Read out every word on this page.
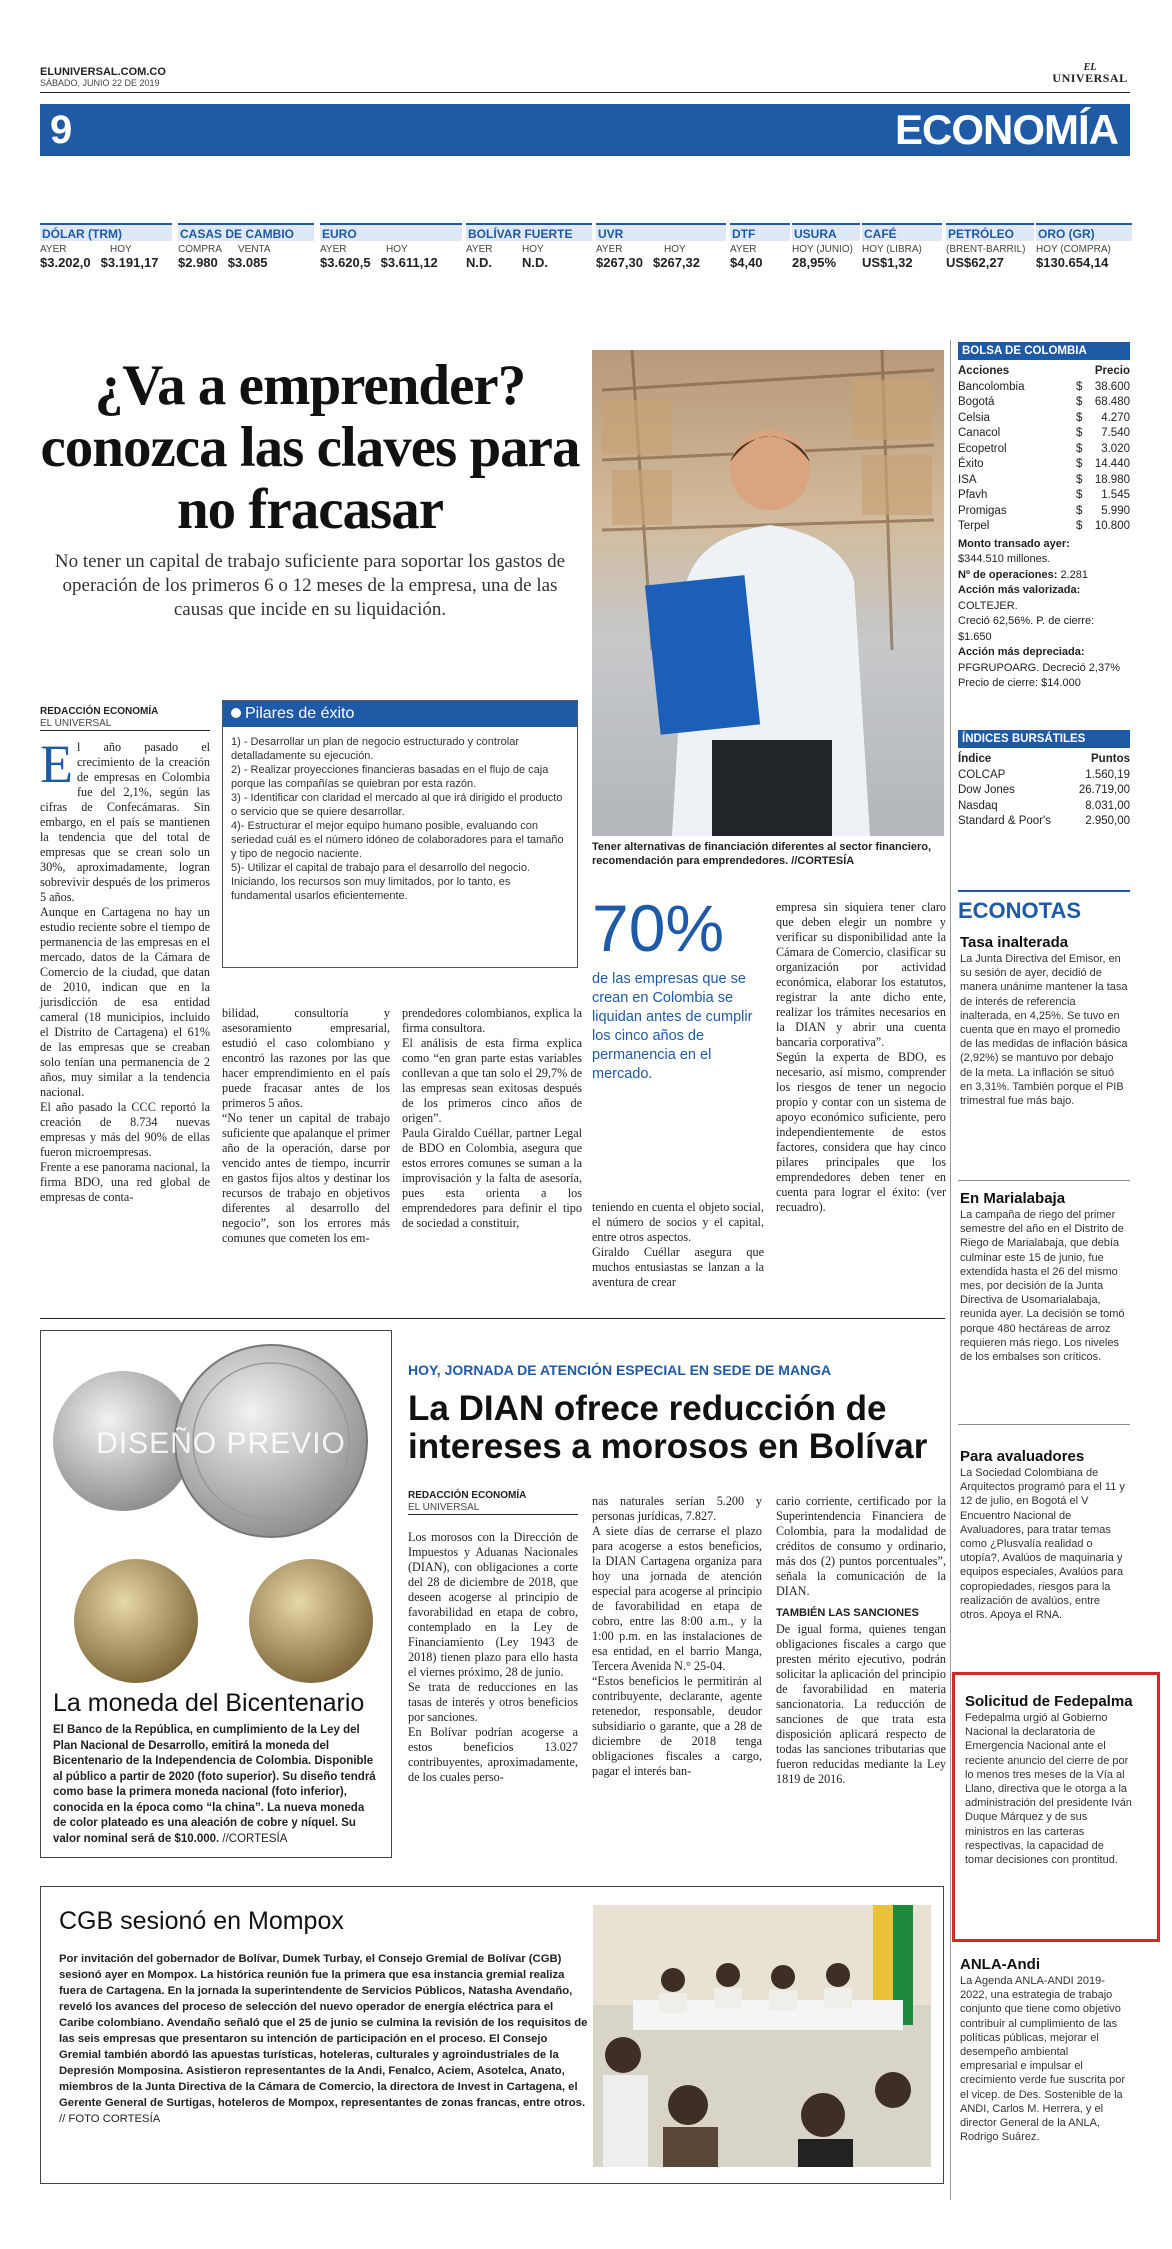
ELUNIVERSAL.COM.CO
SÁBADO, JUNIO 22 DE 2019
EL
UNIVERSAL
9	ECONOMÍA
DÓLAR (TRM)
AYER	HOY
$3.202,0 $3.191,17
CASAS DE CAMBIO
COMPRA	VENTA
$2.980 $3.085
EURO
AYER	HOY
$3.620,5 $3.611,12
BOLÍVAR FUERTE
AYER	HOY
N.D.	N.D.
UVR
AYER	HOY
$267,30 $267,32
DTF
AYER
$4,40
USURA
HOY (JUNIO)
28,95%
CAFÉ
HOY (LIBRA)
US$1,32
PETRÓLEO
(BRENT-BARRIL)
US$62,27
ORO (GR)
HOY (COMPRA)
$130.654,14
¿Va a emprender? conozca las claves para no fracasar
No tener un capital de trabajo suficiente para soportar los gastos de operación de los primeros 6 o 12 meses de la empresa, una de las causas que incide en su liquidación.
Tener alternativas de financiación diferentes al sector financiero, recomendación para emprendedores. //CORTESÍA
REDACCIÓN ECONOMÍA
EL UNIVERSAL
E l año pasado el crecimiento de la creación de empresas en Colombia fue del 2,1%, según las cifras de Confecámaras. Sin embargo, en el país se mantienen la tendencia que del total de empresas que se crean solo un 30%, aproximadamente, logran sobrevivir después de los primeros 5 años.
Aunque en Cartagena no hay un estudio reciente sobre el tiempo de permanencia de las empresas en el mercado, datos de la Cámara de Comercio de la ciudad, que datan de 2010, indican que en la jurisdicción de esa entidad cameral (18 municipios, incluido el Distrito de Cartagena) el 61% de las empresas que se creaban solo tenían una permanencia de 2 años, muy similar a la tendencia nacional.
El año pasado la CCC reportó la creación de 8.734 nuevas empresas y más del 90% de ellas fueron microempresas.
Frente a ese panorama nacional, la firma BDO, una red global de empresas de conta-
Pilares de éxito
1) - Desarrollar un plan de negocio estructurado y controlar detalladamente su ejecución.
2) - Realizar proyecciones financieras basadas en el flujo de caja porque las compañías se quiebran por esta razón.
3) - Identificar con claridad el mercado al que irá dirigido el producto o servicio que se quiere desarrollar.
4)- Estructurar el mejor equipo humano posible, evaluando con seriedad cuál es el número idóneo de colaboradores para el tamaño y tipo de negocio naciente.
5)- Utilizar el capital de trabajo para el desarrollo del negocio. Iniciando, los recursos son muy limitados, por lo tanto, es fundamental usarlos eficientemente.
bilidad, consultoría y asesoramiento empresarial, estudió el caso colombiano y encontró las razones por las que hacer emprendimiento en el país puede fracasar antes de los primeros 5 años.
“No tener un capital de trabajo suficiente que apalanque el primer año de la operación, darse por vencido antes de tiempo, incurrir en gastos fijos altos y destinar los recursos de trabajo en objetivos diferentes al desarrollo del negocio”, son los errores más comunes que cometen los em-
prendedores colombianos, explica la firma consultora.
El análisis de esta firma explica como “en gran parte estas variables conllevan a que tan solo el 29,7% de las empresas sean exitosas después de los primeros cinco años de origen”.
Paula Giraldo Cuéllar, partner Legal de BDO en Colombia, asegura que estos errores comunes se suman a la improvisación y la falta de asesoría, pues esta orienta a los emprendedores para definir el tipo de sociedad a constituir,
70%
de las empresas que se crean en Colombia se liquidan antes de cumplir los cinco años de permanencia en el mercado.
teniendo en cuenta el objeto social, el número de socios y el capital, entre otros aspectos.
Giraldo Cuéllar asegura que muchos entusiastas se lanzan a la aventura de crear
empresa sin siquiera tener claro que deben elegir un nombre y verificar su disponibilidad ante la Cámara de Comercio, clasificar su organización por actividad económica, elaborar los estatutos, registrar la ante dicho ente, realizar los trámites necesarios en la DIAN y abrir una cuenta bancaria corporativa”.
Según la experta de BDO, es necesario, así mismo, comprender los riesgos de tener un negocio propio y contar con un sistema de apoyo económico suficiente, pero independientemente de estos factores, considera que hay cinco pilares principales que los emprendedores deben tener en cuenta para lograr el éxito: (ver recuadro).
DISEÑO PREVIO
La moneda del Bicentenario
El Banco de la República, en cumplimiento de la Ley del Plan Nacional de Desarrollo, emitirá la moneda del Bicentenario de la Independencia de Colombia. Disponible al público a partir de 2020 (foto superior). Su diseño tendrá como base la primera moneda nacional (foto inferior), conocida en la época como “la china”. La nueva moneda de color plateado es una aleación de cobre y níquel. Su valor nominal será de $10.000. //CORTESÍA
HOY, JORNADA DE ATENCIÓN ESPECIAL EN SEDE DE MANGA
La DIAN ofrece reducción de intereses a morosos en Bolívar
REDACCIÓN ECONOMÍA
EL UNIVERSAL
Los morosos con la Dirección de Impuestos y Aduanas Nacionales (DIAN), con obligaciones a corte del 28 de diciembre de 2018, que deseen acogerse al principio de favorabilidad en etapa de cobro, contemplado en la Ley de Financiamiento (Ley 1943 de 2018) tienen plazo para ello hasta el viernes próximo, 28 de junio.
Se trata de reducciones en las tasas de interés y otros beneficios por sanciones.
En Bolívar podrían acogerse a estos beneficios 13.027 contribuyentes, aproximadamente, de los cuales perso-
nas naturales serían 5.200 y personas jurídicas, 7.827.
A siete días de cerrarse el plazo para acogerse a estos beneficios, la DIAN Cartagena organiza para hoy una jornada de atención especial para acogerse al principio de favorabilidad en etapa de cobro, entre las 8:00 a.m., y la 1:00 p.m. en las instalaciones de esa entidad, en el barrio Manga, Tercera Avenida N.° 25-04.
“Estos beneficios le permitirán al contribuyente, declarante, agente retenedor, responsable, deudor subsidiario o garante, que a 28 de diciembre de 2018 tenga obligaciones fiscales a cargo, pagar el interés ban-
cario corriente, certificado por la Superintendencia Financiera de Colombia, para la modalidad de créditos de consumo y ordinario, más dos (2) puntos porcentuales”, señala la comunicación de la DIAN.
TAMBIÉN LAS SANCIONES
De igual forma, quienes tengan obligaciones fiscales a cargo que presten mérito ejecutivo, podrán solicitar la aplicación del principio de favorabilidad en materia sancionatoria. La reducción de sanciones de que trata esta disposición aplicará respecto de todas las sanciones tributarias que fueron reducidas mediante la Ley 1819 de 2016.
CGB sesionó en Mompox
Por invitación del gobernador de Bolívar, Dumek Turbay, el Consejo Gremial de Bolívar (CGB) sesionó ayer en Mompox. La histórica reunión fue la primera que esa instancia gremial realiza fuera de Cartagena. En la jornada la superintendente de Servicios Públicos, Natasha Avendaño, reveló los avances del proceso de selección del nuevo operador de energía eléctrica para el Caribe colombiano. Avendaño señaló que el 25 de junio se culmina la revisión de los requisitos de las seis empresas que presentaron su intención de participación en el proceso. El Consejo Gremial también abordó las apuestas turísticas, hoteleras, culturales y agroindustriales de la Depresión Momposina. Asistieron representantes de la Andi, Fenalco, Aciem, Asotelca, Anato, miembros de la Junta Directiva de la Cámara de Comercio, la directora de Invest in Cartagena, el Gerente General de Surtigas, hoteleros de Mompox, representantes de zonas francas, entre otros. // FOTO CORTESÍA
BOLSA DE COLOMBIA
Acciones	Precio
Bancolombia	$	38.600
Bogotá	$	68.480
Celsia	$	4.270
Canacol	$	7.540
Ecopetrol	$	3.020
Éxito	$	14.440
ISA	$	18.980
Pfavh	$	1.545
Promigas	$	5.990
Terpel	$	10.800
Monto transado ayer:
$344.510 millones.
Nº de operaciones: 2.281
Acción más valorizada: COLTEJER.
Creció 62,56%. P. de cierre: $1.650
Acción más depreciada:
PFGRUPOARG. Decreció 2,37%
Precio de cierre: $14.000
ÍNDICES BURSÁTILES
Índice	Puntos
COLCAP	1.560,19
Dow Jones	26.719,00
Nasdaq	8.031,00
Standard & Poor's	2.950,00
ECONOTAS
Tasa inalterada
La Junta Directiva del Emisor, en su sesión de ayer, decidió de manera unánime mantener la tasa de interés de referencia inalterada, en 4,25%. Se tuvo en cuenta que en mayo el promedio de las medidas de inflación básica (2,92%) se mantuvo por debajo de la meta. La inflación se situó en 3,31%. También porque el PIB trimestral fue más bajo.
En Marialabaja
La campaña de riego del primer semestre del año en el Distrito de Riego de Marialabaja, que debía culminar este 15 de junio, fue extendida hasta el 26 del mismo mes, por decisión de la Junta Directiva de Usomarialabaja, reunida ayer. La decisión se tomó porque 480 hectáreas de arroz requieren más riego. Los niveles de los embalses son críticos.
Para avaluadores
La Sociedad Colombiana de Arquitectos programó para el 11 y 12 de julio, en Bogotá el V Encuentro Nacional de Avaluadores, para tratar temas como ¿Plusvalía realidad o utopía?, Avalúos de maquinaria y equipos especiales, Avalúos para copropiedades, riesgos para la realización de avalúos, entre otros. Apoya el RNA.
Solicitud de Fedepalma
Fedepalma urgió al Gobierno Nacional la declaratoria de Emergencia Nacional ante el reciente anuncio del cierre de por lo menos tres meses de la Vía al Llano, directiva que le otorga a la administración del presidente Iván Duque Márquez y de sus ministros en las carteras respectivas, la capacidad de tomar decisiones con prontitud.
ANLA-Andi
La Agenda ANLA-ANDI 2019-2022, una estrategia de trabajo conjunto que tiene como objetivo contribuir al cumplimiento de las políticas públicas, mejorar el desempeño ambiental empresarial e impulsar el crecimiento verde fue suscrita por el vicep. de Des. Sostenible de la ANDI, Carlos M. Herrera, y el director General de la ANLA, Rodrigo Suárez.
